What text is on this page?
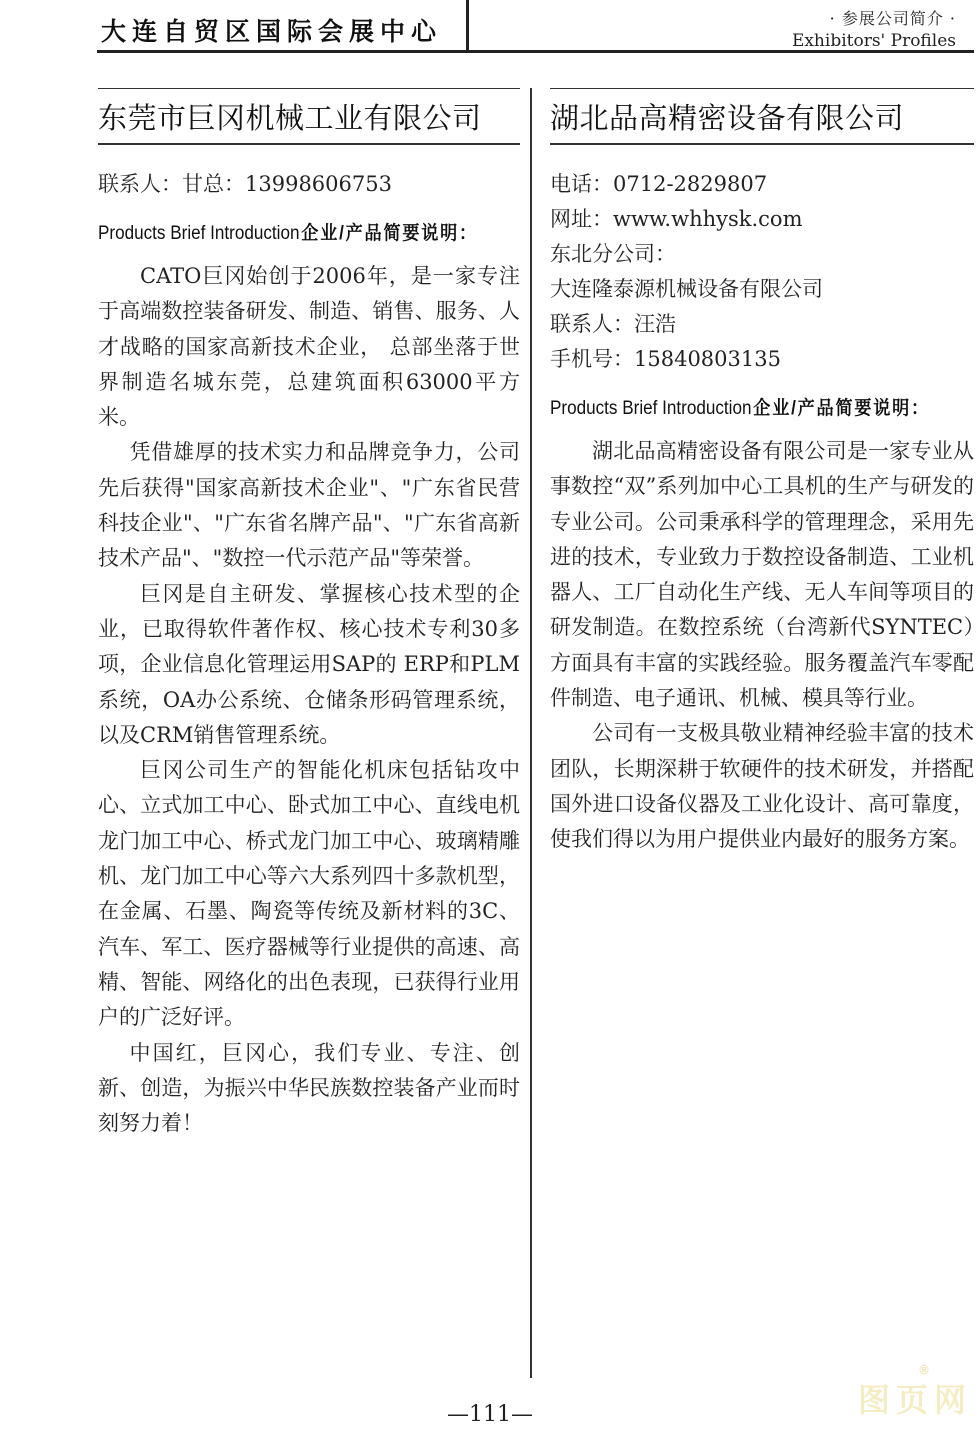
大连自贸区国际会展中心	· 参展公司简介 ·
Exhibitors' Profiles
东莞市巨冈机械工业有限公司
联系人：甘总：13998606753
Products Brief Introduction企业/产品简要说明：

CATO巨冈始创于2006年，是一家专注于高端数控装备研发、制造、销售、服务、人才战略的国家高新技术企业， 总部坐落于世界制造名城东莞，总建筑面积63000平方米。

凭借雄厚的技术实力和品牌竞争力，公司先后获得"国家高新技术企业"、"广东省民营科技企业"、"广东省名牌产品"、"广东省高新技术产品"、"数控一代示范产品"等荣誉。

巨冈是自主研发、掌握核心技术型的企业，已取得软件著作权、核心技术专利30多项，企业信息化管理运用SAP的 ERP和PLM系统，OA办公系统、仓储条形码管理系统，以及CRM销售管理系统。

巨冈公司生产的智能化机床包括钻攻中心、立式加工中心、卧式加工中心、直线电机龙门加工中心、桥式龙门加工中心、玻璃精雕机、龙门加工中心等六大系列四十多款机型，在金属、石墨、陶瓷等传统及新材料的3C、汽车、军工、医疗器械等行业提供的高速、高精、智能、网络化的出色表现，已获得行业用户的广泛好评。

中国红，巨冈心，我们专业、专注、创新、创造，为振兴中华民族数控装备产业而时刻努力着！

湖北品高精密设备有限公司
电话：0712-2829807
网址：www.whhysk.com
东北分公司：
大连隆泰源机械设备有限公司
联系人：汪浩
手机号：15840803135
Products Brief Introduction企业/产品简要说明：

湖北品高精密设备有限公司是一家专业从事数控“双”系列加中心工具机的生产与研发的专业公司。公司秉承科学的管理理念，采用先进的技术，专业致力于数控设备制造、工业机器人、工厂自动化生产线、无人车间等项目的研发制造。在数控系统（台湾新代SYNTEC）方面具有丰富的实践经验。服务覆盖汽车零配件制造、电子通讯、机械、模具等行业。

公司有一支极具敬业精神经验丰富的技术团队，长期深耕于软硬件的技术研发，并搭配国外进口设备仪器及工业化设计、高可靠度，使我们得以为用户提供业内最好的服务方案。

—111—	图 页 网
®
